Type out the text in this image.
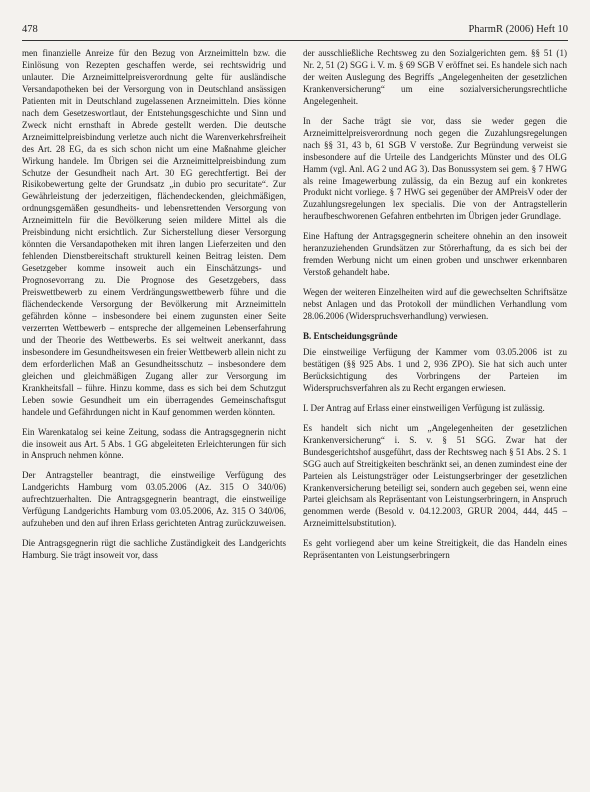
478	PharmR (2006) Heft 10

men finanzielle Anreize für den Bezug von Arzneimitteln bzw. die Einlösung von Rezepten geschaffen werde, sei rechtswidrig und unlauter. Die Arzneimittelpreisverordnung gelte für ausländische Versandapotheken bei der Versorgung von in Deutschland ansässigen Patienten mit in Deutschland zugelassenen Arzneimitteln. Dies könne nach dem Gesetzeswortlaut, der Entstehungsgeschichte und Sinn und Zweck nicht ernsthaft in Abrede gestellt werden. Die deutsche Arzneimittelpreisbindung verletze auch nicht die Warenverkehrsfreiheit des Art. 28 EG, da es sich schon nicht um eine Maßnahme gleicher Wirkung handele. Im Übrigen sei die Arzneimittelpreisbindung zum Schutze der Gesundheit nach Art. 30 EG gerechtfertigt. Bei der Risikobewertung gelte der Grundsatz „in dubio pro securitate“. Zur Gewährleistung der jederzeitigen, flächendeckenden, gleichmäßigen, ordnungsgemäßen gesundheits- und lebensrettenden Versorgung von Arzneimitteln für die Bevölkerung seien mildere Mittel als die Preisbindung nicht ersichtlich. Zur Sicherstellung dieser Versorgung könnten die Versandapotheken mit ihren langen Lieferzeiten und den fehlenden Dienstbereitschaft strukturell keinen Beitrag leisten. Dem Gesetzgeber komme insoweit auch ein Einschätzungs- und Prognosevorrang zu. Die Prognose des Gesetzgebers, dass Preiswettbewerb zu einem Verdrängungswettbewerb führe und die flächendeckende Versorgung der Bevölkerung mit Arzneimitteln gefährden könne – insbesondere bei einem zugunsten einer Seite verzerrten Wettbewerb – entspreche der allgemeinen Lebenserfahrung und der Theorie des Wettbewerbs. Es sei weltweit anerkannt, dass insbesondere im Gesundheitswesen ein freier Wettbewerb allein nicht zu dem erforderlichen Maß an Gesundheitsschutz – insbesondere dem gleichen und gleichmäßigen Zugang aller zur Versorgung im Krankheitsfall – führe. Hinzu komme, dass es sich bei dem Schutzgut Leben sowie Gesundheit um ein überragendes Gemeinschaftsgut handele und Gefährdungen nicht in Kauf genommen werden könnten.

Ein Warenkatalog sei keine Zeitung, sodass die Antragsgegnerin nicht die insoweit aus Art. 5 Abs. 1 GG abgeleiteten Erleichterungen für sich in Anspruch nehmen könne.

Der Antragsteller beantragt, die einstweilige Verfügung des Landgerichts Hamburg vom 03.05.2006 (Az. 315 O 340/06) aufrechtzuerhalten. Die Antragsgegnerin beantragt, die einstweilige Verfügung Landgerichts Hamburg vom 03.05.2006, Az. 315 O 340/06, aufzuheben und den auf ihren Erlass gerichteten Antrag zurückzuweisen.

Die Antragsgegnerin rügt die sachliche Zuständigkeit des Landgerichts Hamburg. Sie trägt insoweit vor, dass

der ausschließliche Rechtsweg zu den Sozialgerichten gem. §§ 51 (1) Nr. 2, 51 (2) SGG i. V. m. § 69 SGB V eröffnet sei. Es handele sich nach der weiten Auslegung des Begriffs „Angelegenheiten der gesetzlichen Krankenversicherung“ um eine sozialversicherungsrechtliche Angelegenheit.

In der Sache trägt sie vor, dass sie weder gegen die Arzneimittelpreisverordnung noch gegen die Zuzahlungsregelungen nach §§ 31, 43 b, 61 SGB V verstoße. Zur Begründung verweist sie insbesondere auf die Urteile des Landgerichts Münster und des OLG Hamm (vgl. Anl. AG 2 und AG 3). Das Bonussystem sei gem. § 7 HWG als reine Imagewerbung zulässig, da ein Bezug auf ein konkretes Produkt nicht vorliege. § 7 HWG sei gegenüber der AMPreisV oder der Zuzahlungsregelungen lex specialis. Die von der Antragstellerin heraufbeschworenen Gefahren entbehrten im Übrigen jeder Grundlage.

Eine Haftung der Antragsgegnerin scheitere ohnehin an den insoweit heranzuziehenden Grundsätzen zur Störerhaftung, da es sich bei der fremden Werbung nicht um einen groben und unschwer erkennbaren Verstoß gehandelt habe.

Wegen der weiteren Einzelheiten wird auf die gewechselten Schriftsätze nebst Anlagen und das Protokoll der mündlichen Verhandlung vom 28.06.2006 (Widerspruchsverhandlung) verwiesen.

B. Entscheidungsgründe

Die einstweilige Verfügung der Kammer vom 03.05.2006 ist zu bestätigen (§§ 925 Abs. 1 und 2, 936 ZPO). Sie hat sich auch unter Berücksichtigung des Vorbringens der Parteien im Widerspruchsverfahren als zu Recht ergangen erwiesen.

I. Der Antrag auf Erlass einer einstweiligen Verfügung ist zulässig.

Es handelt sich nicht um „Angelegenheiten der gesetzlichen Krankenversicherung“ i. S. v. § 51 SGG. Zwar hat der Bundesgerichtshof ausgeführt, dass der Rechtsweg nach § 51 Abs. 2 S. 1 SGG auch auf Streitigkeiten beschränkt sei, an denen zumindest eine der Parteien als Leistungsträger oder Leistungserbringer der gesetzlichen Krankenversicherung beteiligt sei, sondern auch gegeben sei, wenn eine Partei gleichsam als Repräsentant von Leistungserbringern, in Anspruch genommen werde (Besold v. 04.12.2003, GRUR 2004, 444, 445 – Arzneimittelsubstitution).

Es geht vorliegend aber um keine Streitigkeit, die das Handeln eines Repräsentanten von Leistungserbringern
